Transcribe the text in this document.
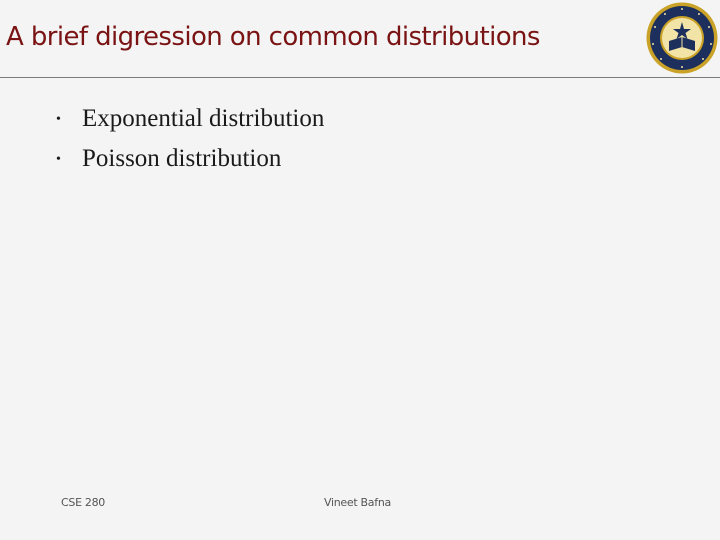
A brief digression on common distributions
• Exponential distribution
• Poisson distribution
CSE 280	Vineet Bafna
